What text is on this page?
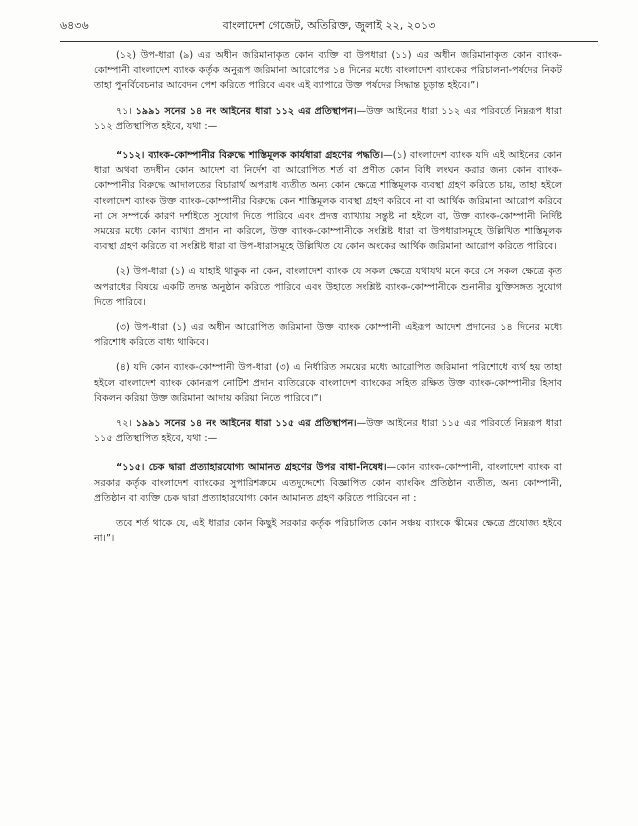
৬৪৩৬	বাংলাদেশ গেজেট, অতিরিক্ত, জুলাই ২২, ২০১৩

(১২) উপ-ধারা (৯) এর অধীন জরিমানাকৃত কোন ব্যক্তি বা উপধারা (১১) এর অধীন জরিমানাকৃত কোন ব্যাংক-কোম্পানী বাংলাদেশ ব্যাংক কর্তৃক অনুরূপ জরিমানা আরোপের ১৪ দিনের মধ্যে বাংলাদেশ ব্যাংকের পরিচালনা-পর্ষদের নিকট তাহা পুনর্বিবেচনার আবেদন পেশ করিতে পারিবে এবং এই ব্যাপারে উক্ত পর্ষদের সিদ্ধান্ত চূড়ান্ত হইবে।”।

৭১। ১৯৯১ সনের ১৪ নং আইনের ধারা ১১২ এর প্রতিস্থাপন।—উক্ত আইনের ধারা ১১২ এর পরিবর্তে নিম্নরূপ ধারা ১১২ প্রতিস্থাপিত হইবে, যথা :—

“১১২। ব্যাংক-কোম্পানীর বিরুদ্ধে শাস্তিমূলক কার্যধারা গ্রহণের পদ্ধতি।—(১) বাংলাদেশ ব্যাংক যদি এই আইনের কোন ধারা অথবা তদধীন কোন আদেশ বা নির্দেশ বা আরোপিত শর্ত বা প্রণীত কোন বিধি লংঘন করার জন্য কোন ব্যাংক-কোম্পানীর বিরুদ্ধে আদালতের বিচারার্থ অপরাধ ব্যতীত অন্য কোন ক্ষেত্রে শাস্তিমূলক ব্যবস্থা গ্রহণ করিতে চায়, তাহা হইলে বাংলাদেশ ব্যাংক উক্ত ব্যাংক-কোম্পানীর বিরুদ্ধে কেন শাস্তিমূলক ব্যবস্থা গ্রহণ করিবে না বা আর্থিক জরিমানা আরোপ করিবে না সে সম্পর্কে কারণ দর্শাইতে সুযোগ দিতে পারিবে এবং প্রদত্ত ব্যাখ্যায় সন্তুষ্ট না হইলে বা, উক্ত ব্যাংক-কোম্পানী নির্দিষ্ট সময়ের মধ্যে কোন ব্যাখ্যা প্রদান না করিলে, উক্ত ব্যাংক-কোম্পানীকে সংশ্লিষ্ট ধারা বা উপধারাসমূহে উল্লিখিত শাস্তিমূলক ব্যবস্থা গ্রহণ করিতে বা সংশ্লিষ্ট ধারা বা উপ-ধারাসমূহে উল্লিখিত যে কোন অংকের আর্থিক জরিমানা আরোপ করিতে পারিবে।

(২) উপ-ধারা (১) এ যাহাই থাকুক না কেন, বাংলাদেশ ব্যাংক যে সকল ক্ষেত্রে যথাযথ মনে করে সে সকল ক্ষেত্রে কৃত অপরাধের বিষয়ে একটি তদন্ত অনুষ্ঠান করিতে পারিবে এবং উহাতে সংশ্লিষ্ট ব্যাংক-কোম্পানীকে শুনানীর যুক্তিসঙ্গত সুযোগ দিতে পারিবে।

(৩) উপ-ধারা (১) এর অধীন আরোপিত জরিমানা উক্ত ব্যাংক কোম্পানী এইরূপ আদেশ প্রদানের ১৪ দিনের মধ্যে পরিশোধ করিতে বাধ্য থাকিবে।

(৪) যদি কোন ব্যাংক-কোম্পানী উপ-ধারা (৩) এ নির্ধারিত সময়ের মধ্যে আরোপিত জরিমানা পরিশোধে ব্যর্থ হয় তাহা হইলে বাংলাদেশ ব্যাংক কোনরূপ নোটিশ প্রদান ব্যতিরেকে বাংলাদেশ ব্যাংকের সহিত রক্ষিত উক্ত ব্যাংক-কোম্পানীর হিসাব বিকলন করিয়া উক্ত জরিমানা আদায় করিয়া নিতে পারিবে।”।

৭২। ১৯৯১ সনের ১৪ নং আইনের ধারা ১১৫ এর প্রতিস্থাপন।—উক্ত আইনের ধারা ১১৫ এর পরিবর্তে নিম্নরূপ ধারা ১১৫ প্রতিস্থাপিত হইবে, যথা :—

“১১৫। চেক দ্বারা প্রত্যাহারযোগ্য আমানত গ্রহণের উপর বাধা-নিষেধ।—কোন ব্যাংক-কোম্পানী, বাংলাদেশ ব্যাংক বা সরকার কর্তৃক বাংলাদেশ ব্যাংকের সুপারিশক্রমে এতদুদ্দেশ্যে বিজ্ঞাপিত কোন ব্যাংকিং প্রতিষ্ঠান ব্যতীত, অন্য কোম্পানী, প্রতিষ্ঠান বা ব্যক্তি চেক দ্বারা প্রত্যাহারযোগ্য কোন আমানত গ্রহণ করিতে পারিবেন না :

তবে শর্ত থাকে যে, এই ধারার কোন কিছুই সরকার কর্তৃক পরিচালিত কোন সঞ্চয় ব্যাংকে স্কীমের ক্ষেত্রে প্রযোজ্য হইবে না।”।
